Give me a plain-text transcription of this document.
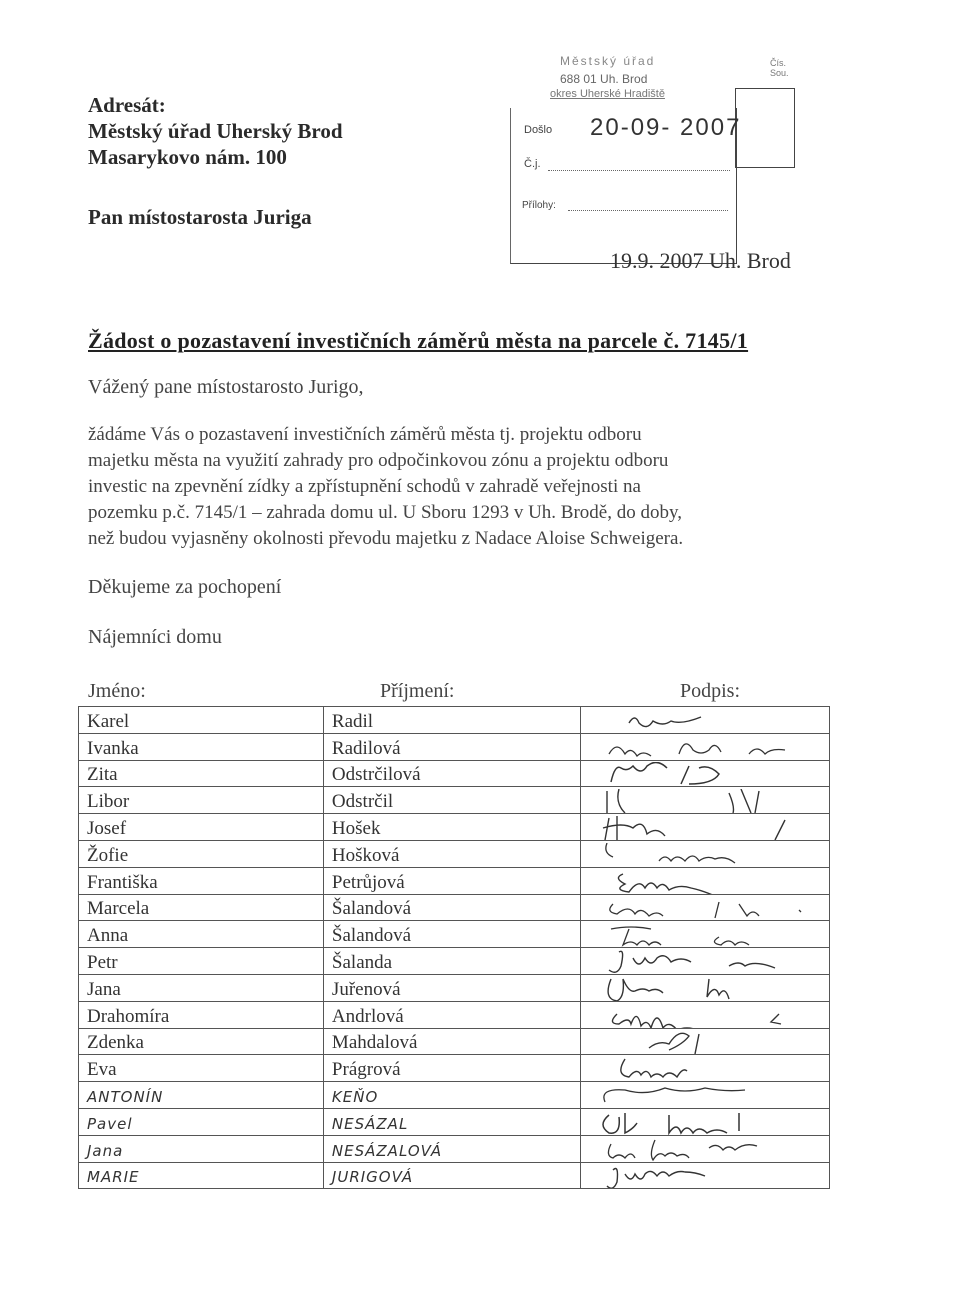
Adresát:
Městský úřad Uherský Brod
Masarykovo nám. 100
Pan místostarosta Juriga
Městský úřad
688 01 Uh. Brod
okres Uherské Hradiště
Čís. Sou.
Došlo 20-09- 2007
Č.j.
Přílohy:
19.9. 2007 Uh. Brod
Žádost o pozastavení investičních záměrů města na parcele č. 7145/1
Vážený pane místostarosto Jurigo,

žádáme Vás o pozastavení investičních záměrů města tj. projektu odboru

majetku města na využití zahrady pro odpočinkovou zónu a projektu odboru

investic na zpevnění zídky a zpřístupnění schodů v zahradě veřejnosti na

pozemku p.č. 7145/1 – zahrada domu ul. U Sboru 1293 v Uh. Brodě, do doby,

než budou vyjasněny okolnosti převodu majetku z Nadace Aloise Schweigera.

Děkujeme za pochopení
Nájemníci domu
Jméno:	Příjmení:	Podpis:
Karel	Radil	

Ivanka	Radilová	

Zita	Odstrčilová	

Libor	Odstrčil	

Josef	Hošek	

Žofie	Hošková	

Františka	Petrůjová	

Marcela	Šalandová	

Anna	Šalandová	

Petr	Šalanda	

Jana	Juřenová	

Drahomíra	Andrlová	

Zdenka	Mahdalová	

Eva	Prágrová	

ANTONÍN	KEŇO	

Pavel	NESÁZAL	

Jana	NESÁZALOVÁ	

MARIE	JURIGOVÁ	
